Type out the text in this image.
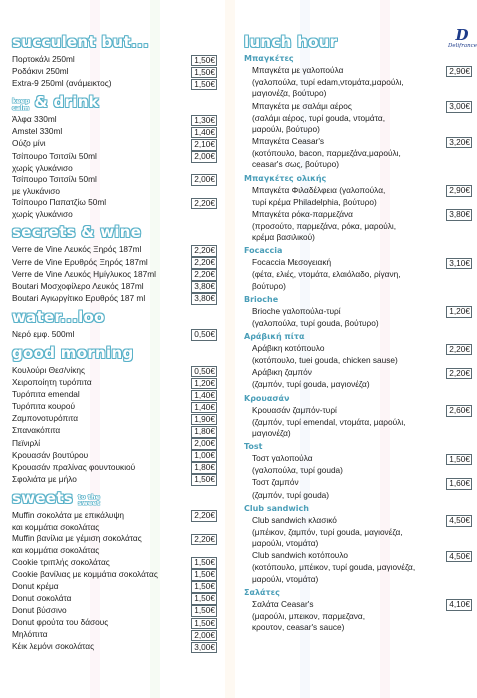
D
Delifrance
succulent but...
Πορτοκάλι 250ml	1,50€
Ροδάκινι 250ml	1,50€
Extra-9 250ml (ανάμεικτος)	1,50€
keep
calm & drink
Άλφα 330ml	1,30€
Amstel 330ml	1,40€
Ούζο μίνι	2,10€
Τσίπουρο Τσιτσίλι 50ml	2,00€
χωρίς γλυκάνισο
Τσίπουρο Τσιτσίλι 50ml	2,00€
με γλυκάνισο
Τσίπουρο Παπατζίω 50ml	2,20€
χωρίς γλυκάνισο
secrets & wine
Verre de Vine Λευκός Ξηρός 187ml	2,20€
Verre de Vine Ερυθρός Ξηρός 187ml	2,20€
Verre de Vine Λευκός Ημίγλυκος 187ml	2,20€
Boutari Μοσχοφίλερο Λευκός 187ml	3,80€
Boutari Αγιωργίτικο Ερυθρός 187 ml	3,80€
water...loo
Νερό εμφ. 500ml	0,50€
good morning
Κουλούρι Θεσ/νίκης	0,50€
Χειροποίητη τυρόπιτα	1,20€
Τυρόπιτα emendal	1,40€
Τυρόπιτα κουρού	1,40€
Ζαμπονοτυρόπιτα	1,90€
Σπανακόπιτα	1,80€
Πεϊνιρλί	2,00€
Κρουασάν βουτύρου	1,00€
Κρουασάν πραλίνας φουντουκιού	1,80€
Σφολιάτα με μήλο	1,50€
sweets to the
sweet
Muffin σοκολάτα με επικάλυψη	2,20€
και κομμάτια σοκολάτας
Muffin βανίλια με γέμιση σοκολάτας	2,20€
και κομμάτια σοκολάτας
Cookie τριπλής σοκολάτας	1,50€
Cookie βανίλιας με κομμάτια σοκολάτας	1,50€
Donut κρέμα	1,50€
Donut σοκολάτα	1,50€
Donut βύσσινο	1,50€
Donut φρούτα του δάσους	1,50€
Μηλόπιτα	2,00€
Κέικ λεμόνι σοκολάτας	3,00€
lunch hour
Μπαγκέτες
Μπαγκέτα με γαλοπούλα	2,90€
(γαλοπούλα, τυρί edam,ντομάτα,μαρούλι,
μαγιονέζα, βούτυρο)
Μπαγκέτα με σαλάμι αέρος	3,00€
(σαλάμι αέρος, τυρί gouda, ντομάτα,
μαρούλι, βούτυρο)
Μπαγκέτα Ceasar's	3,20€
(κοτόπουλο, bacon, παρμεζάνα,μαρούλι,
ceasar's σως, βούτυρο)
Μπαγκέτες ολικής
Μπαγκέτα Φιλαδέλφεια (γαλοπούλα,	2,90€
τυρί κρέμα Philadelphia, βούτυρο)
Μπαγκέτα ρόκα-παρμεζάνα	3,80€
(προσούτο, παρμεζάνα, ρόκα, μαρούλι,
κρέμα βασιλικού)
Focaccia
Focaccia Μεσογειακή	3,10€
(φέτα, ελιές, ντομάτα, ελαιόλαδο, ρίγανη,
βούτυρο)
Brioche
Brioche γαλοπούλα-τυρί	1,20€
(γαλοπούλα, τυρί gouda, βούτυρο)
Αράβική πίτα
Αράβικη κοτόπουλο	2,20€
(κοτόπουλο, tuei gouda, chicken sause)
Αράβικη ζαμπόν	2,20€
(ζαμπόν, τυρί gouda, μαγιονέζα)
Κρουασάν
Κρουασάν ζαμπόν-τυρί	2,60€
(ζαμπόν, τυρί emendal, ντομάτα, μαρούλι,
μαγιονέζα)
Tost
Τοστ γαλοπούλα	1,50€
(γαλοπούλα, τυρί gouda)
Τοστ ζαμπόν	1,60€
(ζαμπόν, τυρί gouda)
Club sandwich
Club sandwich κλασικό	4,50€
(μπέικον, ζαμπόν, τυρί gouda, μαγιονέζα,
μαρούλι, ντομάτα)
Club sandwich κοτόπουλο	4,50€
(κοτόπουλο, μπέικον, τυρί gouda, μαγιονέζα,
μαρούλι, ντομάτα)
Σαλάτες
Σαλάτα Ceasar's	4,10€
(μαρούλι, μπεικον, παρμεζανα,
κρουτον, ceasar's sauce)
